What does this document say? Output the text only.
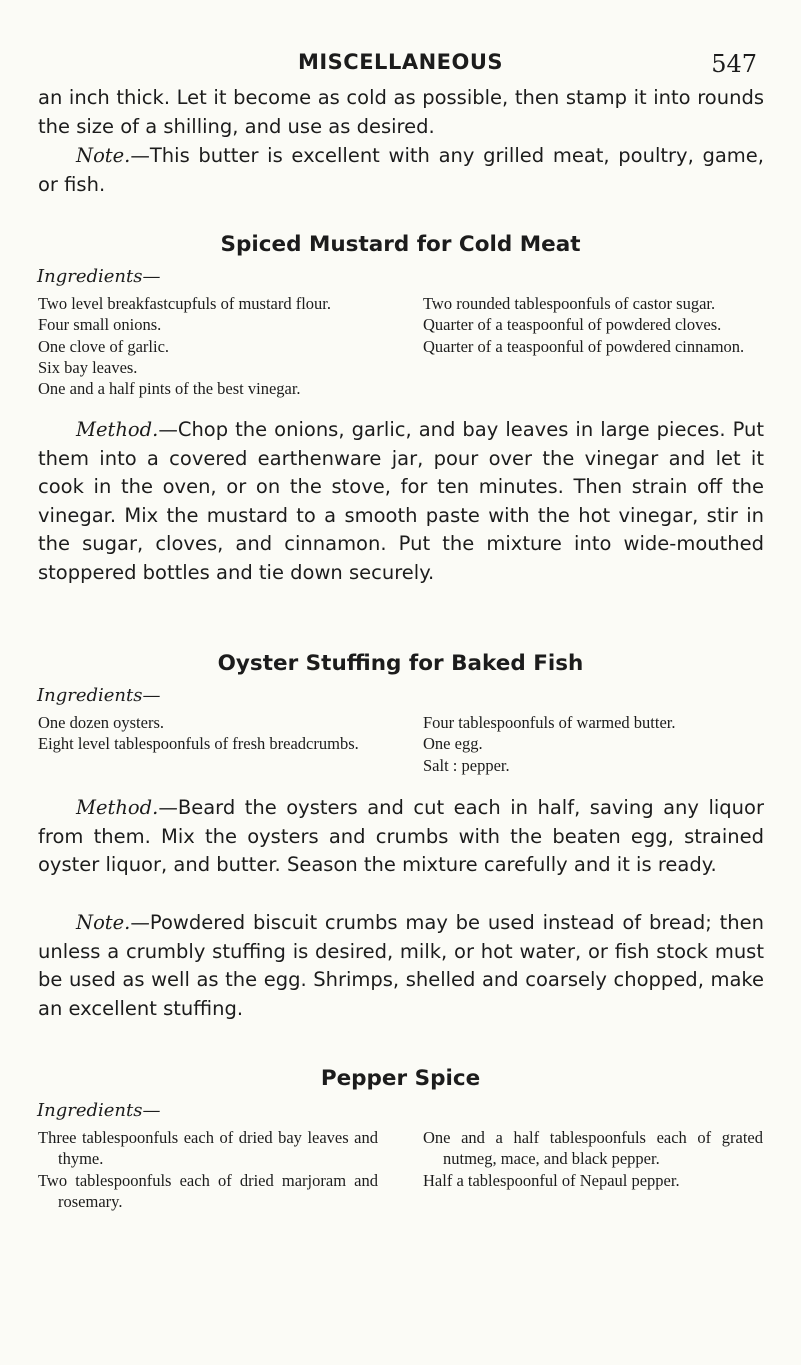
MISCELLANEOUS	547

an inch thick. Let it become as cold as possible, then stamp it into rounds the size of a shilling, and use as desired.

Note.—This butter is excellent with any grilled meat, poultry, game, or fish.

Spiced Mustard for Cold Meat

Ingredients—

Two level breakfastcupfuls of mustard flour.
Four small onions.
One clove of garlic.
Six bay leaves.
One and a half pints of the best vinegar.
Two rounded tablespoonfuls of castor sugar.
Quarter of a teaspoonful of powdered cloves.
Quarter of a teaspoonful of powdered cinnamon.

Method.—Chop the onions, garlic, and bay leaves in large pieces. Put them into a covered earthenware jar, pour over the vinegar and let it cook in the oven, or on the stove, for ten minutes. Then strain off the vinegar. Mix the mustard to a smooth paste with the hot vinegar, stir in the sugar, cloves, and cinnamon. Put the mixture into wide-mouthed stoppered bottles and tie down securely.

Oyster Stuffing for Baked Fish

Ingredients—

One dozen oysters.
Eight level tablespoonfuls of fresh breadcrumbs.
Four tablespoonfuls of warmed butter.
One egg.
Salt : pepper.

Method.—Beard the oysters and cut each in half, saving any liquor from them. Mix the oysters and crumbs with the beaten egg, strained oyster liquor, and butter. Season the mixture carefully and it is ready.

Note.—Powdered biscuit crumbs may be used instead of bread; then unless a crumbly stuffing is desired, milk, or hot water, or fish stock must be used as well as the egg. Shrimps, shelled and coarsely chopped, make an excellent stuffing.

Pepper Spice

Ingredients—

Three tablespoonfuls each of dried bay leaves and thyme.
Two tablespoonfuls each of dried marjoram and rosemary.
One and a half tablespoonfuls each of grated nutmeg, mace, and black pepper.
Half a tablespoonful of Nepaul pepper.
